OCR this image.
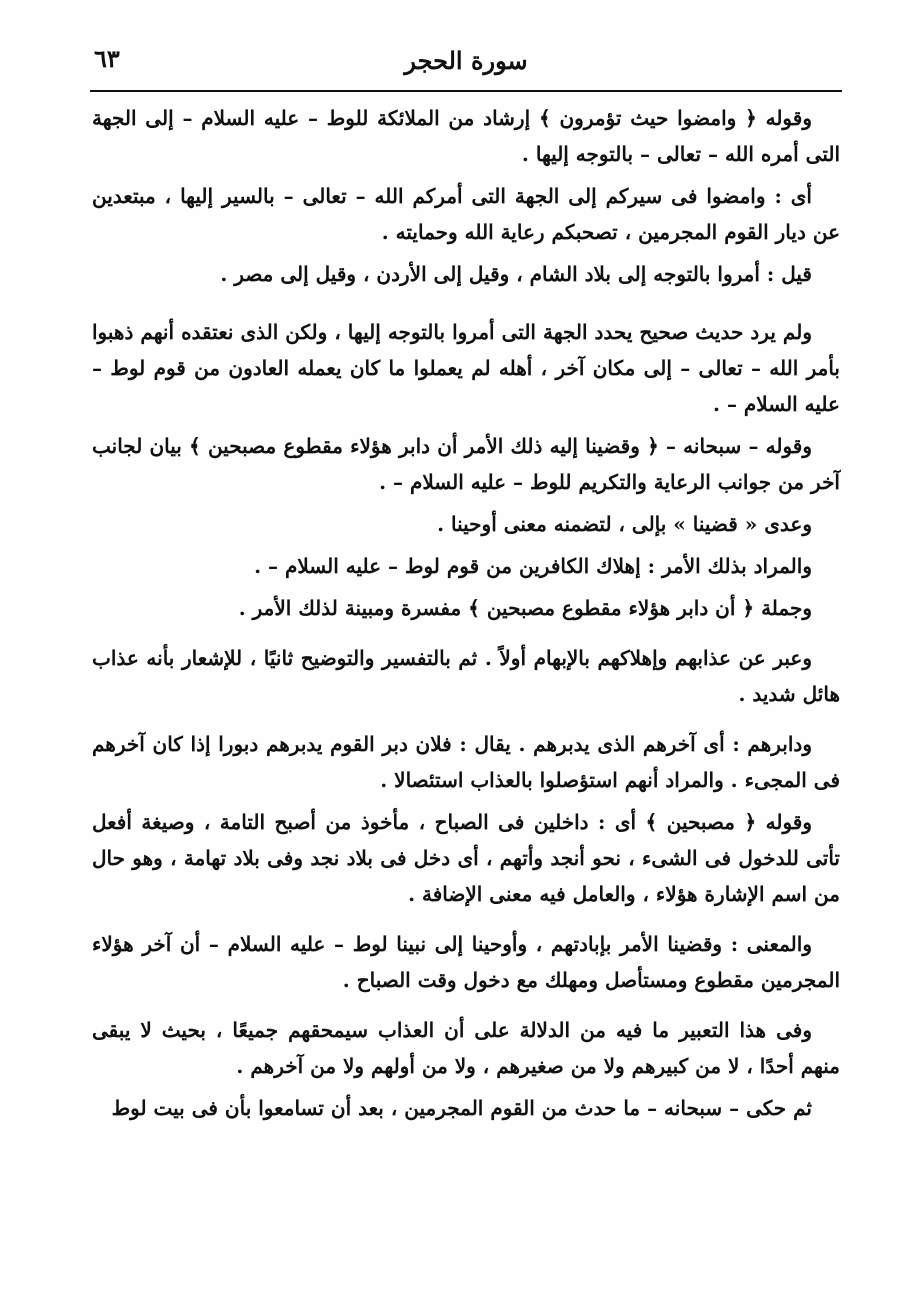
٦٣	سورة الحجر

وقوله ﴿ وامضوا حيث تؤمرون ﴾ إرشاد من الملائكة للوط – عليه السلام – إلى الجهة التى أمره الله – تعالى – بالتوجه إليها .

أى : وامضوا فى سيركم إلى الجهة التى أمركم الله – تعالى – بالسير إليها ، مبتعدين عن ديار القوم المجرمين ، تصحبكم رعاية الله وحمايته .

قيل : أمروا بالتوجه إلى بلاد الشام ، وقيل إلى الأردن ، وقيل إلى مصر .

ولم يرد حديث صحيح يحدد الجهة التى أمروا بالتوجه إليها ، ولكن الذى نعتقده أنهم ذهبوا بأمر الله – تعالى – إلى مكان آخر ، أهله لم يعملوا ما كان يعمله العادون من قوم لوط – عليه السلام – .

وقوله – سبحانه – ﴿ وقضينا إليه ذلك الأمر أن دابر هؤلاء مقطوع مصبحين ﴾ بيان لجانب آخر من جوانب الرعاية والتكريم للوط – عليه السلام – .

وعدى « قضينا » بإلى ، لتضمنه معنى أوحينا .

والمراد بذلك الأمر : إهلاك الكافرين من قوم لوط – عليه السلام – .

وجملة ﴿ أن دابر هؤلاء مقطوع مصبحين ﴾ مفسرة ومبينة لذلك الأمر .

وعبر عن عذابهم وإهلاكهم بالإبهام أولاً . ثم بالتفسير والتوضيح ثانيًا ، للإشعار بأنه عذاب هائل شديد .

ودابرهم : أى آخرهم الذى يدبرهم . يقال : فلان دبر القوم يدبرهم دبورا إذا كان آخرهم فى المجىء . والمراد أنهم استؤصلوا بالعذاب استئصالا .

وقوله ﴿ مصبحين ﴾ أى : داخلين فى الصباح ، مأخوذ من أصبح التامة ، وصيغة أفعل تأتى للدخول فى الشىء ، نحو أنجد وأتهم ، أى دخل فى بلاد نجد وفى بلاد تهامة ، وهو حال من اسم الإشارة هؤلاء ، والعامل فيه معنى الإضافة .

والمعنى : وقضينا الأمر بإبادتهم ، وأوحينا إلى نبينا لوط – عليه السلام – أن آخر هؤلاء المجرمين مقطوع ومستأصل ومهلك مع دخول وقت الصباح .

وفى هذا التعبير ما فيه من الدلالة على أن العذاب سيمحقهم جميعًا ، بحيث لا يبقى منهم أحدًا ، لا من كبيرهم ولا من صغيرهم ، ولا من أولهم ولا من آخرهم .

ثم حكى – سبحانه – ما حدث من القوم المجرمين ، بعد أن تسامعوا بأن فى بيت لوط
